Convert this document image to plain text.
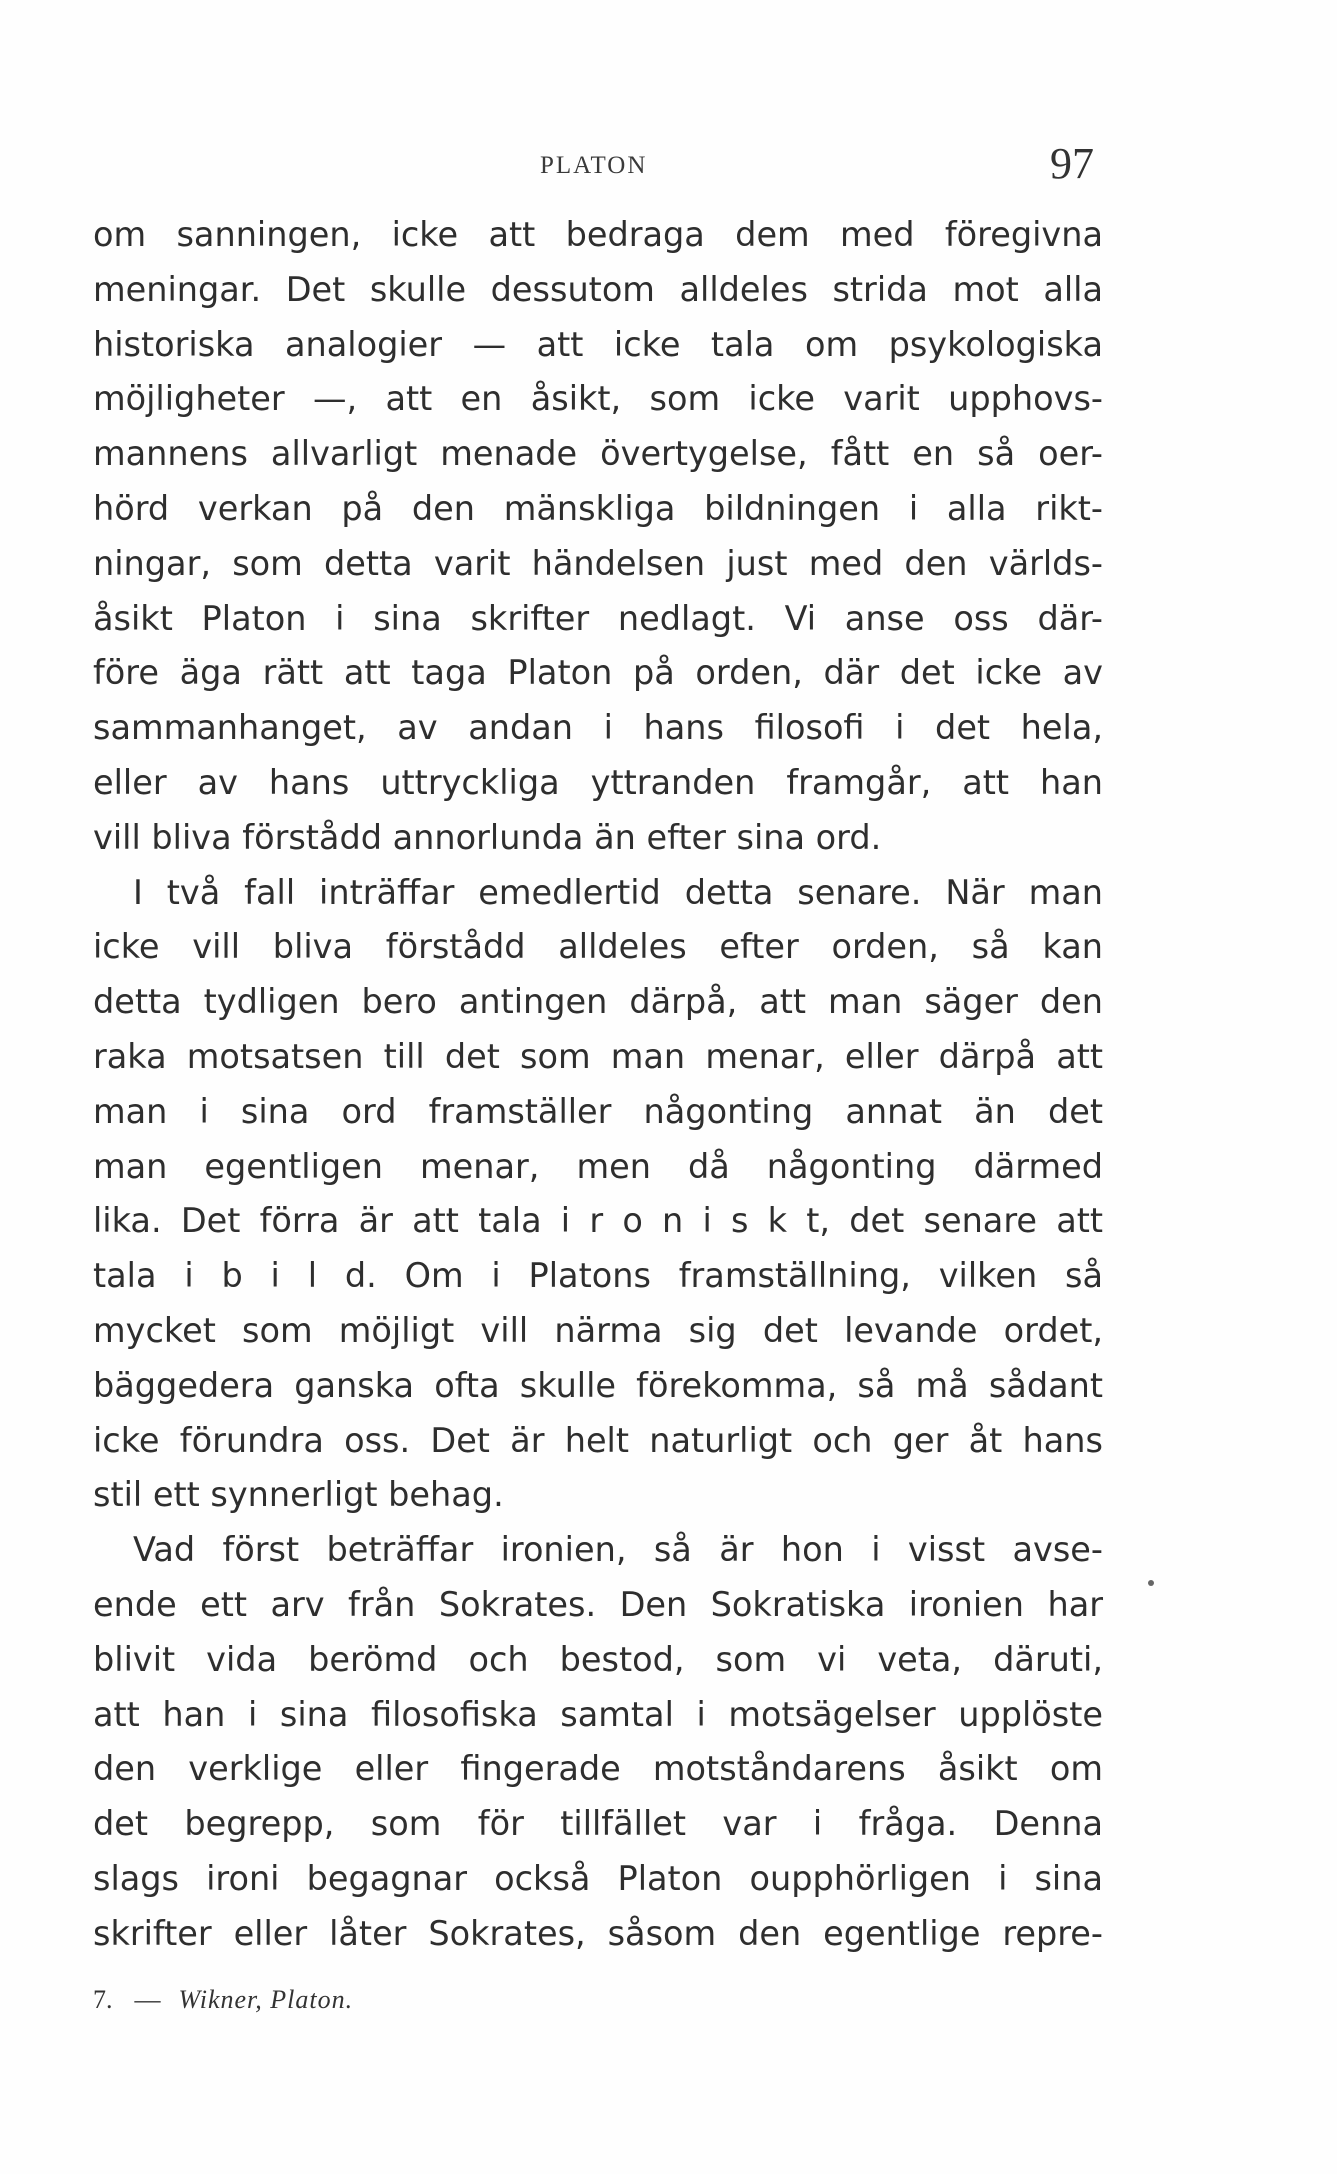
PLATON	97
om sanningen, icke att bedraga dem med föregivna
meningar. Det skulle dessutom alldeles strida mot alla
historiska analogier — att icke tala om psykologiska
möjligheter —, att en åsikt, som icke varit upphovs-
mannens allvarligt menade övertygelse, fått en så oer-
hörd verkan på den mänskliga bildningen i alla rikt-
ningar, som detta varit händelsen just med den världs-
åsikt Platon i sina skrifter nedlagt. Vi anse oss där-
före äga rätt att taga Platon på orden, där det icke av
sammanhanget, av andan i hans filosofi i det hela,
eller av hans uttryckliga yttranden framgår, att han
vill bliva förstådd annorlunda än efter sina ord.
I två fall inträffar emedlertid detta senare. När man
icke vill bliva förstådd alldeles efter orden, så kan
detta tydligen bero antingen därpå, att man säger den
raka motsatsen till det som man menar, eller därpå att
man i sina ord framställer någonting annat än det
man egentligen menar, men då någonting därmed
lika. Det förra är att tala i r o n i s k t, det senare att
tala i b i l d. Om i Platons framställning, vilken så
mycket som möjligt vill närma sig det levande ordet,
bäggedera ganska ofta skulle förekomma, så må sådant
icke förundra oss. Det är helt naturligt och ger åt hans
stil ett synnerligt behag.
Vad först beträffar ironien, så är hon i visst avse-
ende ett arv från Sokrates. Den Sokratiska ironien har
blivit vida berömd och bestod, som vi veta, däruti,
att han i sina filosofiska samtal i motsägelser upplöste
den verklige eller fingerade motståndarens åsikt om
det begrepp, som för tillfället var i fråga. Denna
slags ironi begagnar också Platon oupphörligen i sina
skrifter eller låter Sokrates, såsom den egentlige repre-
7. — Wikner, Platon.
